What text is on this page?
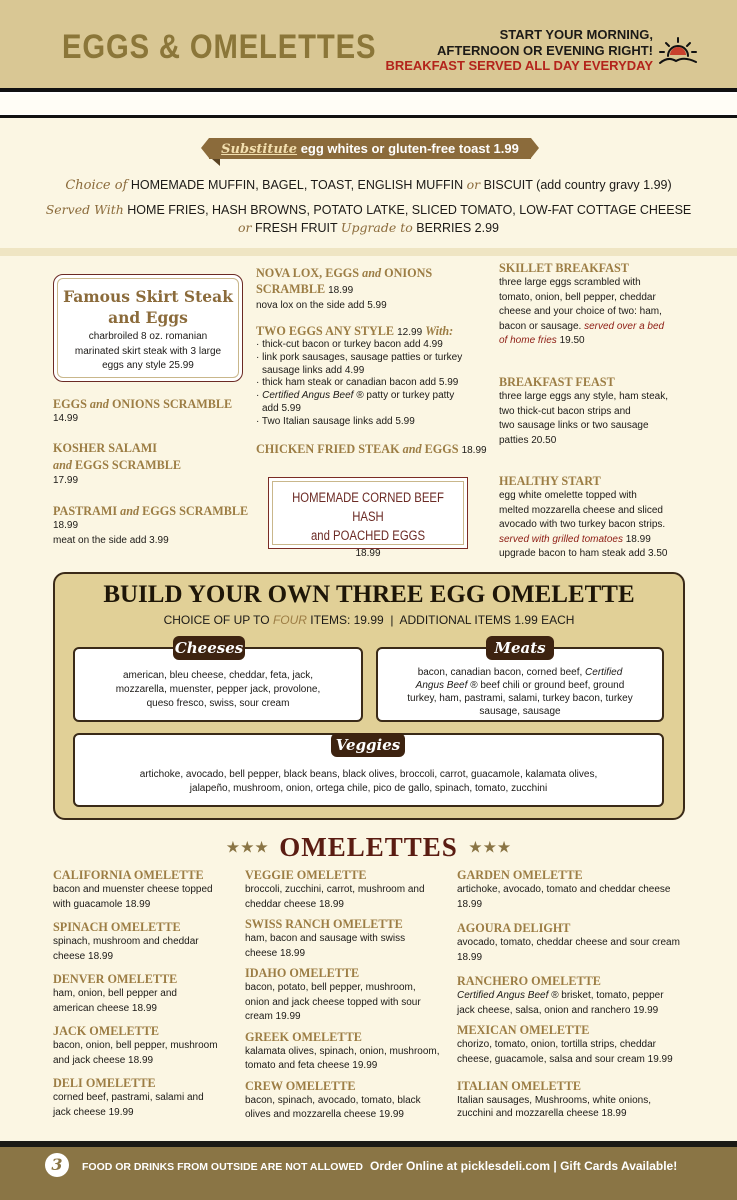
EGGS & OMELETTES	START YOUR MORNING,
AFTERNOON OR EVENING RIGHT!
BREAKFAST SERVED ALL DAY EVERYDAY
Substitute egg whites or gluten-free toast 1.99
Choice of HOMEMADE MUFFIN, BAGEL, TOAST, ENGLISH MUFFIN or BISCUIT (add country gravy 1.99)
Served With HOME FRIES, HASH BROWNS, POTATO LATKE, SLICED TOMATO, LOW-FAT COTTAGE CHEESE
or FRESH FRUIT Upgrade to BERRIES 2.99
Famous Skirt Steak
and Eggs
charbroiled 8 oz. romanian
marinated skirt steak with 3 large
eggs any style 25.99
EGGS and ONIONS SCRAMBLE
14.99
KOSHER SALAMI
and EGGS SCRAMBLE
17.99
PASTRAMI and EGGS SCRAMBLE
18.99
meat on the side add 3.99
NOVA LOX, EGGS and ONIONS
SCRAMBLE 18.99
nova lox on the side add 5.99
TWO EGGS ANY STYLE 12.99 With:
· thick-cut bacon or turkey bacon add 4.99
· link pork sausages, sausage patties or turkey
sausage links add 4.99
· thick ham steak or canadian bacon add 5.99
· Certified Angus Beef ® patty or turkey patty
add 5.99
· Two Italian sausage links add 5.99
CHICKEN FRIED STEAK and EGGS 18.99
HOMEMADE CORNED BEEF HASH
and POACHED EGGS
18.99
SKILLET BREAKFAST
three large eggs scrambled with
tomato, onion, bell pepper, cheddar
cheese and your choice of two: ham,
bacon or sausage. served over a bed
of home fries 19.50
BREAKFAST FEAST
three large eggs any style, ham steak,
two thick-cut bacon strips and
two sausage links or two sausage
patties 20.50
HEALTHY START
egg white omelette topped with
melted mozzarella cheese and sliced
avocado with two turkey bacon strips.
served with grilled tomatoes 18.99
upgrade bacon to ham steak add 3.50
BUILD YOUR OWN THREE EGG OMELETTE
CHOICE OF UP TO FOUR ITEMS: 19.99 | ADDITIONAL ITEMS 1.99 EACH
Cheeses
american, bleu cheese, cheddar, feta, jack,
mozzarella, muenster, pepper jack, provolone,
queso fresco, swiss, sour cream
Meats
bacon, canadian bacon, corned beef, Certified
Angus Beef ® beef chili or ground beef, ground
turkey, ham, pastrami, salami, turkey bacon, turkey
sausage, sausage
Veggies
artichoke, avocado, bell pepper, black beans, black olives, broccoli, carrot, guacamole, kalamata olives,
jalapeño, mushroom, onion, ortega chile, pico de gallo, spinach, tomato, zucchini
★★★ OMELETTES ★★★
CALIFORNIA OMELETTE
bacon and muenster cheese topped
with guacamole 18.99
SPINACH OMELETTE
spinach, mushroom and cheddar
cheese 18.99
DENVER OMELETTE
ham, onion, bell pepper and
american cheese 18.99
JACK OMELETTE
bacon, onion, bell pepper, mushroom
and jack cheese 18.99
DELI OMELETTE
corned beef, pastrami, salami and
jack cheese 19.99
VEGGIE OMELETTE
broccoli, zucchini, carrot, mushroom and
cheddar cheese 18.99
SWISS RANCH OMELETTE
ham, bacon and sausage with swiss
cheese 18.99
IDAHO OMELETTE
bacon, potato, bell pepper, mushroom,
onion and jack cheese topped with sour
cream 19.99
GREEK OMELETTE
kalamata olives, spinach, onion, mushroom,
tomato and feta cheese 19.99
CREW OMELETTE
bacon, spinach, avocado, tomato, black
olives and mozzarella cheese 19.99
GARDEN OMELETTE
artichoke, avocado, tomato and cheddar cheese
18.99
AGOURA DELIGHT
avocado, tomato, cheddar cheese and sour cream
18.99
RANCHERO OMELETTE
Certified Angus Beef ® brisket, tomato, pepper
jack cheese, salsa, onion and ranchero 19.99
MEXICAN OMELETTE
chorizo, tomato, onion, tortilla strips, cheddar
cheese, guacamole, salsa and sour cream 19.99
ITALIAN OMELETTE
Italian sausages, Mushrooms, white onions,
zucchini and mozzarella cheese 18.99
3	FOOD OR DRINKS FROM OUTSIDE ARE NOT ALLOWED Order Online at picklesdeli.com | Gift Cards Available!
